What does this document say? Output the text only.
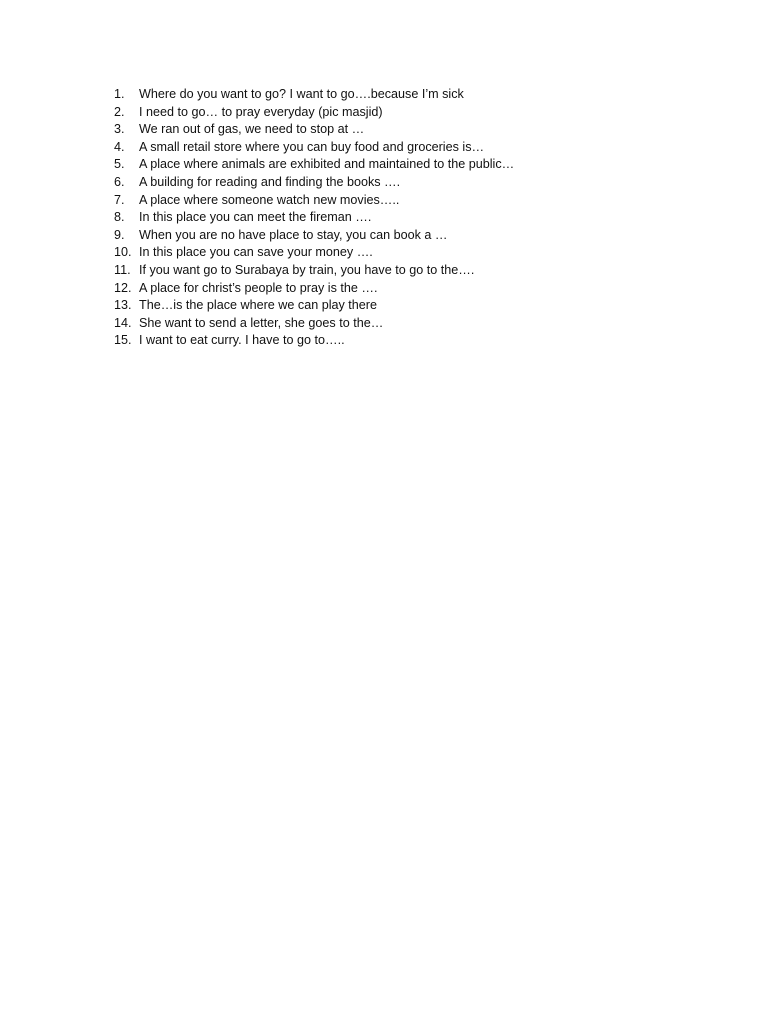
1.	Where do you want to go? I want to go….because I’m sick
2.	I need to go… to pray everyday (pic masjid)
3.	We ran out of gas, we need to stop at …
4.	A small retail store where you can buy food and groceries is…
5.	A place where animals are exhibited and maintained to the public…
6.	A building for reading and finding the books ….
7.	A place where someone watch new movies…..
8.	In this place you can meet the fireman ….
9.	When you are no have place to stay, you can book a …
10. In this place you can save your money ….
11. If you want go to Surabaya by train, you have to go to the….
12. A place for christ’s people to pray is the ….
13. The…is the place where we can play there
14. She want to send a letter, she goes to the…
15. I want to eat curry. I have to go to…..
